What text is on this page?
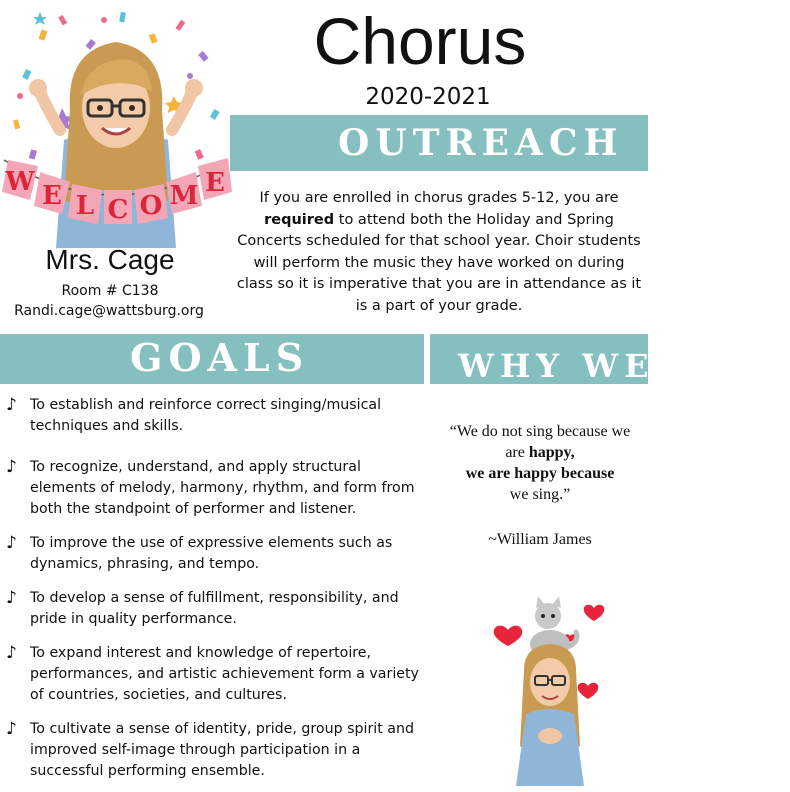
Chorus
2020-2021
W E L C O M E
Mrs. Cage
Room # C138
Randi.cage@wattsburg.org
OUTREACH
If you are enrolled in chorus grades 5-12, you are required to attend both the Holiday and Spring Concerts scheduled for that school year. Choir students will perform the music they have worked on during class so it is imperative that you are in attendance as it is a part of your grade.
GOALS	WHY WE SING
♪ To establish and reinforce correct singing/musical techniques and skills.
♪ To recognize, understand, and apply structural elements of melody, harmony, rhythm, and form from both the standpoint of performer and listener.
♪ To improve the use of expressive elements such as dynamics, phrasing, and tempo.
♪ To develop a sense of fulfillment, responsibility, and pride in quality performance.
♪ To expand interest and knowledge of repertoire, performances, and artistic achievement form a variety of countries, societies, and cultures.
♪ To cultivate a sense of identity, pride, group spirit and improved self-image through participation in a successful performing ensemble.
“We do not sing because we are happy,
we are happy because
we sing.”
~William James
